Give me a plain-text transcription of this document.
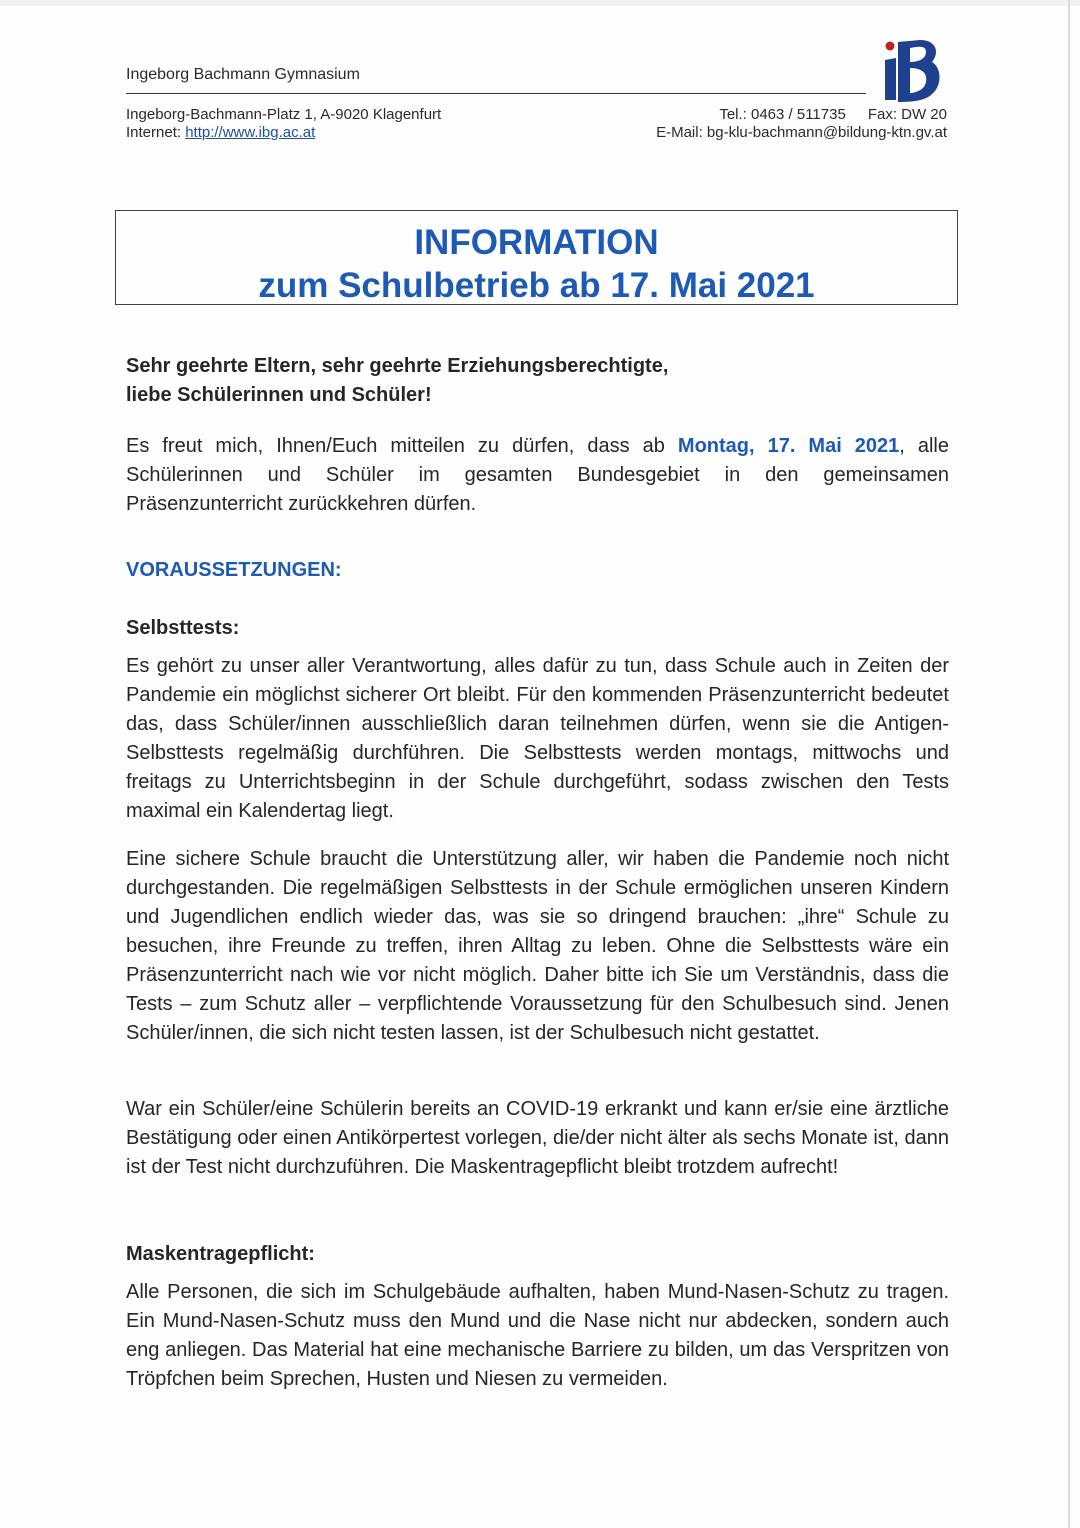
Ingeborg Bachmann Gymnasium
Ingeborg-Bachmann-Platz 1, A-9020 Klagenfurt
Internet: http://www.ibg.ac.at
Tel.: 0463 / 511735 Fax: DW 20
E-Mail: bg-klu-bachmann@bildung-ktn.gv.at
INFORMATION
zum Schulbetrieb ab 17. Mai 2021
Sehr geehrte Eltern, sehr geehrte Erziehungsberechtigte,
liebe Schülerinnen und Schüler!
Es freut mich, Ihnen/Euch mitteilen zu dürfen, dass ab Montag, 17. Mai 2021, alle Schülerinnen und Schüler im gesamten Bundesgebiet in den gemeinsamen Präsenzunterricht zurückkehren dürfen.
VORAUSSETZUNGEN:
Selbsttests:
Es gehört zu unser aller Verantwortung, alles dafür zu tun, dass Schule auch in Zeiten der Pandemie ein möglichst sicherer Ort bleibt. Für den kommenden Präsenzunterricht bedeutet das, dass Schüler/innen ausschließlich daran teilnehmen dürfen, wenn sie die Antigen-Selbsttests regelmäßig durchführen. Die Selbsttests werden montags, mittwochs und freitags zu Unterrichtsbeginn in der Schule durchgeführt, sodass zwischen den Tests maximal ein Kalendertag liegt.
Eine sichere Schule braucht die Unterstützung aller, wir haben die Pandemie noch nicht durchgestanden. Die regelmäßigen Selbsttests in der Schule ermöglichen unseren Kindern und Jugendlichen endlich wieder das, was sie so dringend brauchen: „ihre“ Schule zu besuchen, ihre Freunde zu treffen, ihren Alltag zu leben. Ohne die Selbsttests wäre ein Präsenzunterricht nach wie vor nicht möglich. Daher bitte ich Sie um Verständnis, dass die Tests – zum Schutz aller – verpflichtende Voraussetzung für den Schulbesuch sind. Jenen Schüler/innen, die sich nicht testen lassen, ist der Schulbesuch nicht gestattet.
War ein Schüler/eine Schülerin bereits an COVID-19 erkrankt und kann er/sie eine ärztliche Bestätigung oder einen Antikörpertest vorlegen, die/der nicht älter als sechs Monate ist, dann ist der Test nicht durchzuführen. Die Maskentragepflicht bleibt trotzdem aufrecht!
Maskentragepflicht:
Alle Personen, die sich im Schulgebäude aufhalten, haben Mund-Nasen-Schutz zu tragen. Ein Mund-Nasen-Schutz muss den Mund und die Nase nicht nur abdecken, sondern auch eng anliegen. Das Material hat eine mechanische Barriere zu bilden, um das Verspritzen von Tröpfchen beim Sprechen, Husten und Niesen zu vermeiden.
